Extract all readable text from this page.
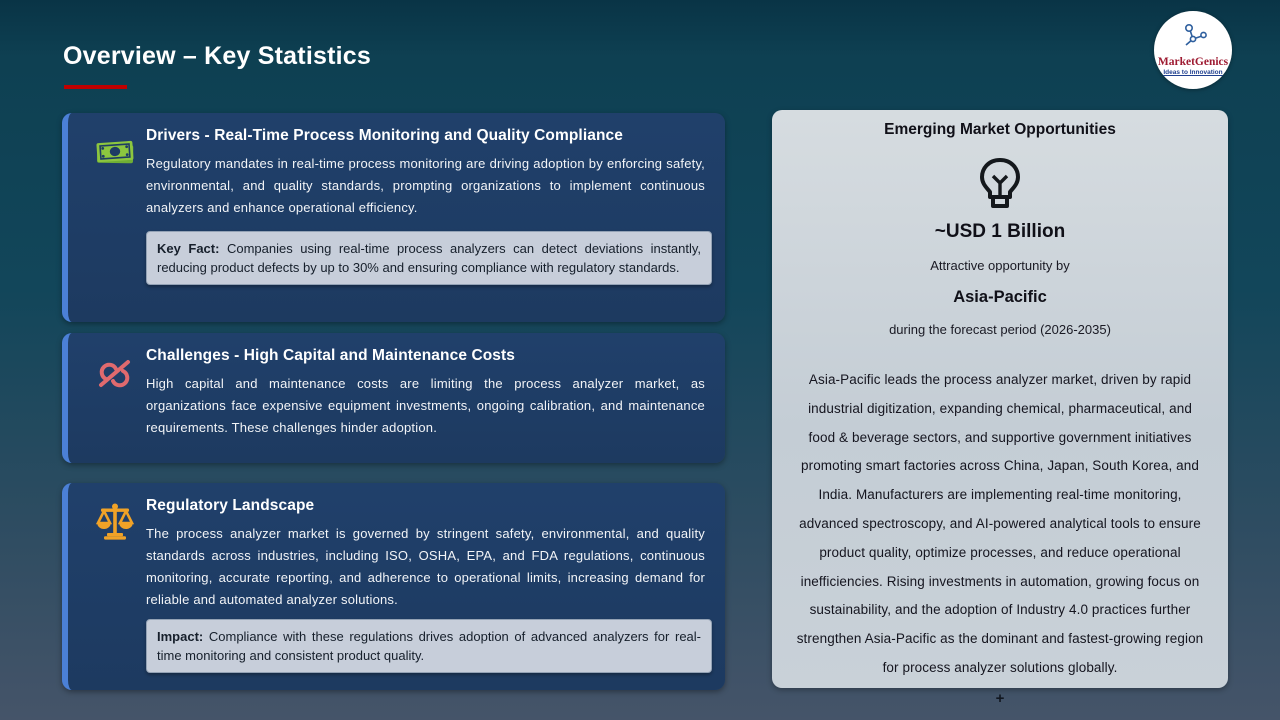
Overview – Key Statistics	MarketGenics
Ideas to Innovation
Drivers - Real-Time Process Monitoring and Quality Compliance
Regulatory mandates in real-time process monitoring are driving adoption by enforcing safety, environmental, and quality standards, prompting organizations to implement continuous analyzers and enhance operational efficiency.
Key Fact: Companies using real-time process analyzers can detect deviations instantly, reducing product defects by up to 30% and ensuring compliance with regulatory standards.
Challenges - High Capital and Maintenance Costs
High capital and maintenance costs are limiting the process analyzer market, as organizations face expensive equipment investments, ongoing calibration, and maintenance requirements. These challenges hinder adoption.
Regulatory Landscape
The process analyzer market is governed by stringent safety, environmental, and quality standards across industries, including ISO, OSHA, EPA, and FDA regulations, continuous monitoring, accurate reporting, and adherence to operational limits, increasing demand for reliable and automated analyzer solutions.
Impact: Compliance with these regulations drives adoption of advanced analyzers for real-time monitoring and consistent product quality.
Emerging Market Opportunities
~USD 1 Billion
Attractive opportunity by
Asia-Pacific
during the forecast period (2026-2035)
Asia-Pacific leads the process analyzer market, driven by rapid industrial digitization, expanding chemical, pharmaceutical, and food & beverage sectors, and supportive government initiatives promoting smart factories across China, Japan, South Korea, and India. Manufacturers are implementing real-time monitoring, advanced spectroscopy, and AI-powered analytical tools to ensure product quality, optimize processes, and reduce operational inefficiencies. Rising investments in automation, growing focus on sustainability, and the adoption of Industry 4.0 practices further strengthen Asia-Pacific as the dominant and fastest-growing region for process analyzer solutions globally.
+
